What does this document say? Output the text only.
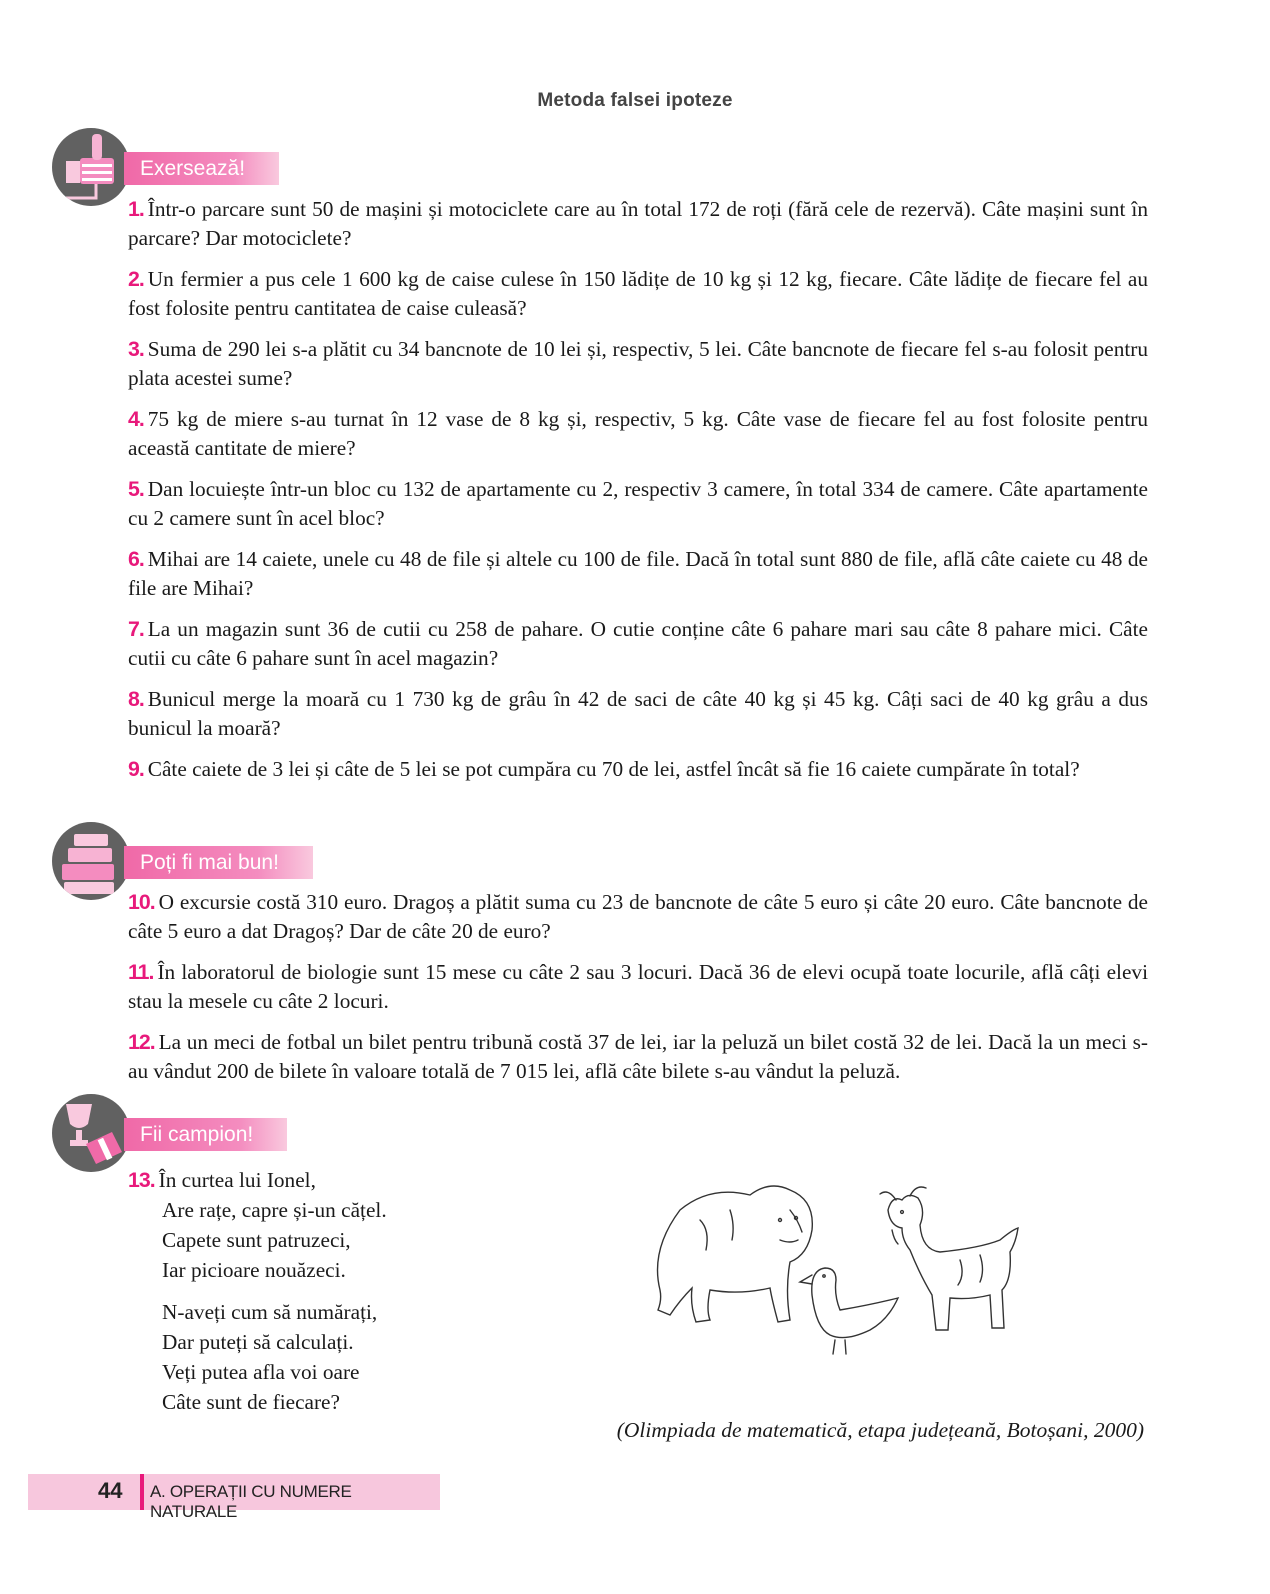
Metoda falsei ipoteze
Exersează!

1. Într-o parcare sunt 50 de mașini și motociclete care au în total 172 de roți (fără cele de rezervă). Câte mașini sunt în parcare? Dar motociclete?

2. Un fermier a pus cele 1 600 kg de caise culese în 150 lădițe de 10 kg și 12 kg, fiecare. Câte lădițe de fiecare fel au fost folosite pentru cantitatea de caise culeasă?

3. Suma de 290 lei s-a plătit cu 34 bancnote de 10 lei și, respectiv, 5 lei. Câte bancnote de fiecare fel s-au folosit pentru plata acestei sume?

4. 75 kg de miere s-au turnat în 12 vase de 8 kg și, respectiv, 5 kg. Câte vase de fiecare fel au fost folosite pentru această cantitate de miere?

5. Dan locuiește într-un bloc cu 132 de apartamente cu 2, respectiv 3 camere, în total 334 de camere. Câte apartamente cu 2 camere sunt în acel bloc?

6. Mihai are 14 caiete, unele cu 48 de file și altele cu 100 de file. Dacă în total sunt 880 de file, află câte caiete cu 48 de file are Mihai?

7. La un magazin sunt 36 de cutii cu 258 de pahare. O cutie conține câte 6 pahare mari sau câte 8 pahare mici. Câte cutii cu câte 6 pahare sunt în acel magazin?

8. Bunicul merge la moară cu 1 730 kg de grâu în 42 de saci de câte 40 kg și 45 kg. Câți saci de 40 kg grâu a dus bunicul la moară?

9. Câte caiete de 3 lei și câte de 5 lei se pot cumpăra cu 70 de lei, astfel încât să fie 16 caiete cumpărate în total?

Poți fi mai bun!

10. O excursie costă 310 euro. Dragoș a plătit suma cu 23 de bancnote de câte 5 euro și câte 20 euro. Câte bancnote de câte 5 euro a dat Dragoș? Dar de câte 20 de euro?

11. În laboratorul de biologie sunt 15 mese cu câte 2 sau 3 locuri. Dacă 36 de elevi ocupă toate locurile, află câți elevi stau la mesele cu câte 2 locuri.

12. La un meci de fotbal un bilet pentru tribună costă 37 de lei, iar la peluză un bilet costă 32 de lei. Dacă la un meci s-au vândut 200 de bilete în valoare totală de 7 015 lei, află câte bilete s-au vândut la peluză.

Fii campion!
13. În curtea lui Ionel,
Are rațe, capre și-un cățel.
Capete sunt patruzeci,
Iar picioare nouăzeci.
N-aveți cum să numărați,
Dar puteți să calculați.
Veți putea afla voi oare
Câte sunt de fiecare?
(Olimpiada de matematică, etapa județeană, Botoșani, 2000)
44 A. OPERAȚII CU NUMERE NATURALE
